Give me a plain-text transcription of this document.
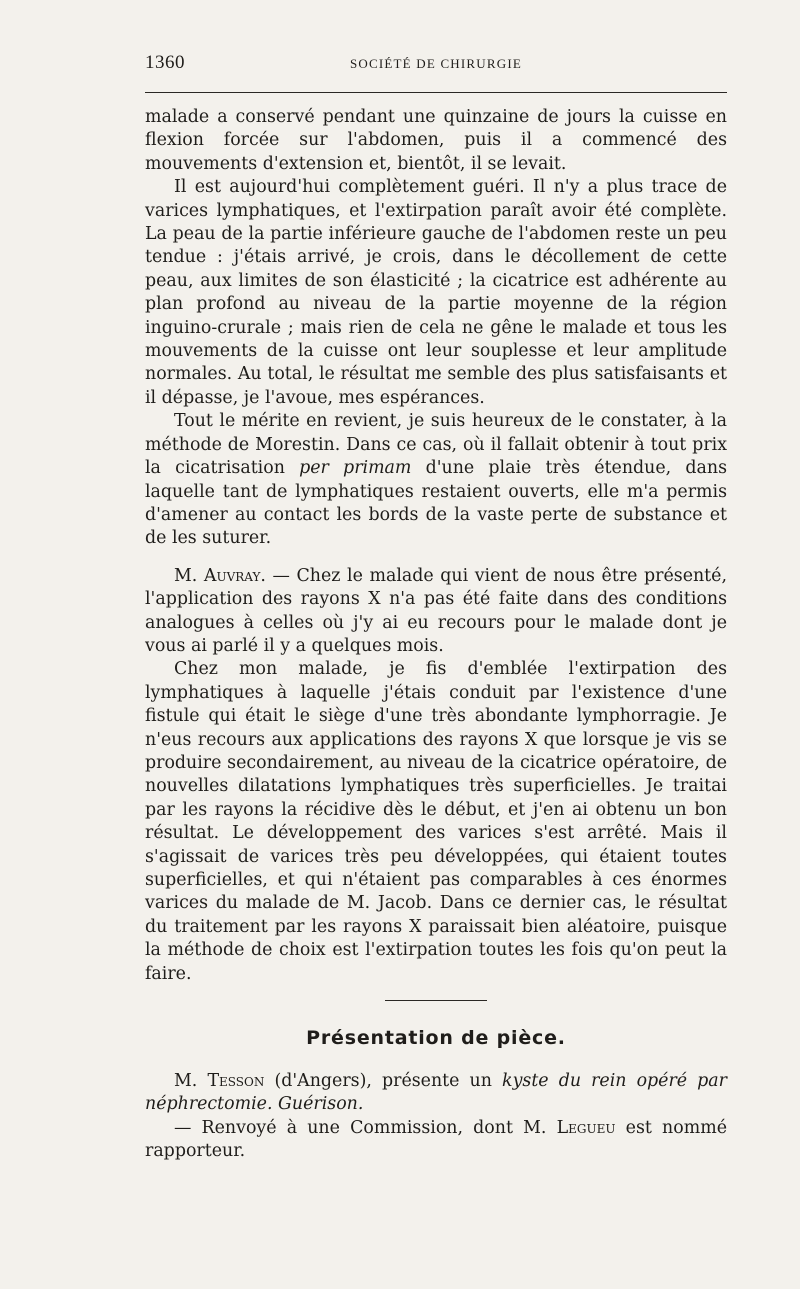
1360	SOCIÉTÉ DE CHIRURGIE

malade a conservé pendant une quinzaine de jours la cuisse en flexion forcée sur l'abdomen, puis il a commencé des mouvements d'extension et, bientôt, il se levait.

Il est aujourd'hui complètement guéri. Il n'y a plus trace de varices lymphatiques, et l'extirpation paraît avoir été complète. La peau de la partie inférieure gauche de l'abdomen reste un peu tendue : j'étais arrivé, je crois, dans le décollement de cette peau, aux limites de son élasticité ; la cicatrice est adhérente au plan profond au niveau de la partie moyenne de la région inguino-crurale ; mais rien de cela ne gêne le malade et tous les mouvements de la cuisse ont leur souplesse et leur amplitude normales. Au total, le résultat me semble des plus satisfaisants et il dépasse, je l'avoue, mes espérances.

Tout le mérite en revient, je suis heureux de le constater, à la méthode de Morestin. Dans ce cas, où il fallait obtenir à tout prix la cicatrisation per primam d'une plaie très étendue, dans laquelle tant de lymphatiques restaient ouverts, elle m'a permis d'amener au contact les bords de la vaste perte de substance et de les suturer.

M. Auvray. — Chez le malade qui vient de nous être présenté, l'application des rayons X n'a pas été faite dans des conditions analogues à celles où j'y ai eu recours pour le malade dont je vous ai parlé il y a quelques mois.

Chez mon malade, je fis d'emblée l'extirpation des lymphatiques à laquelle j'étais conduit par l'existence d'une fistule qui était le siège d'une très abondante lymphorragie. Je n'eus recours aux applications des rayons X que lorsque je vis se produire secondairement, au niveau de la cicatrice opératoire, de nouvelles dilatations lymphatiques très superficielles. Je traitai par les rayons la récidive dès le début, et j'en ai obtenu un bon résultat. Le développement des varices s'est arrêté. Mais il s'agissait de varices très peu développées, qui étaient toutes superficielles, et qui n'étaient pas comparables à ces énormes varices du malade de M. Jacob. Dans ce dernier cas, le résultat du traitement par les rayons X paraissait bien aléatoire, puisque la méthode de choix est l'extirpation toutes les fois qu'on peut la faire.

Présentation de pièce.

M. Tesson (d'Angers), présente un kyste du rein opéré par néphrectomie. Guérison.

— Renvoyé à une Commission, dont M. Legueu est nommé rapporteur.
